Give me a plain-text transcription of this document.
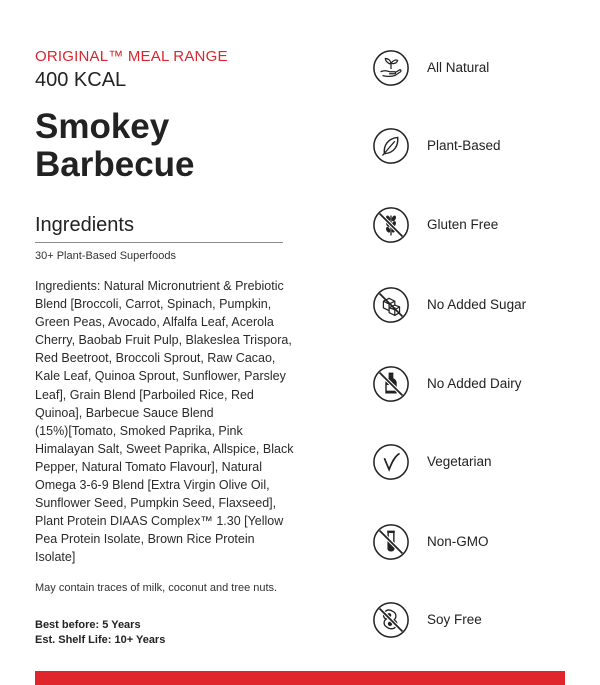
ORIGINAL™ MEAL RANGE
400 KCAL
Smokey
Barbecue
Ingredients
30+ Plant-Based Superfoods
Ingredients: Natural Micronutrient & Prebiotic
Blend [Broccoli, Carrot, Spinach, Pumpkin,
Green Peas, Avocado, Alfalfa Leaf, Acerola
Cherry, Baobab Fruit Pulp, Blakeslea Trispora,
Red Beetroot, Broccoli Sprout, Raw Cacao,
Kale Leaf, Quinoa Sprout, Sunflower, Parsley
Leaf], Grain Blend [Parboiled Rice, Red
Quinoa], Barbecue Sauce Blend
(15%)[Tomato, Smoked Paprika, Pink
Himalayan Salt, Sweet Paprika, Allspice, Black
Pepper, Natural Tomato Flavour], Natural
Omega 3-6-9 Blend [Extra Virgin Olive Oil,
Sunflower Seed, Pumpkin Seed, Flaxseed],
Plant Protein DIAAS Complex™ 1.30 [Yellow
Pea Protein Isolate, Brown Rice Protein
Isolate]
May contain traces of milk, coconut and tree nuts.
Best before: 5 Years
Est. Shelf Life: 10+ Years
All Natural
Plant-Based
Gluten Free
No Added Sugar
No Added Dairy
Vegetarian
Non-GMO
Soy Free
